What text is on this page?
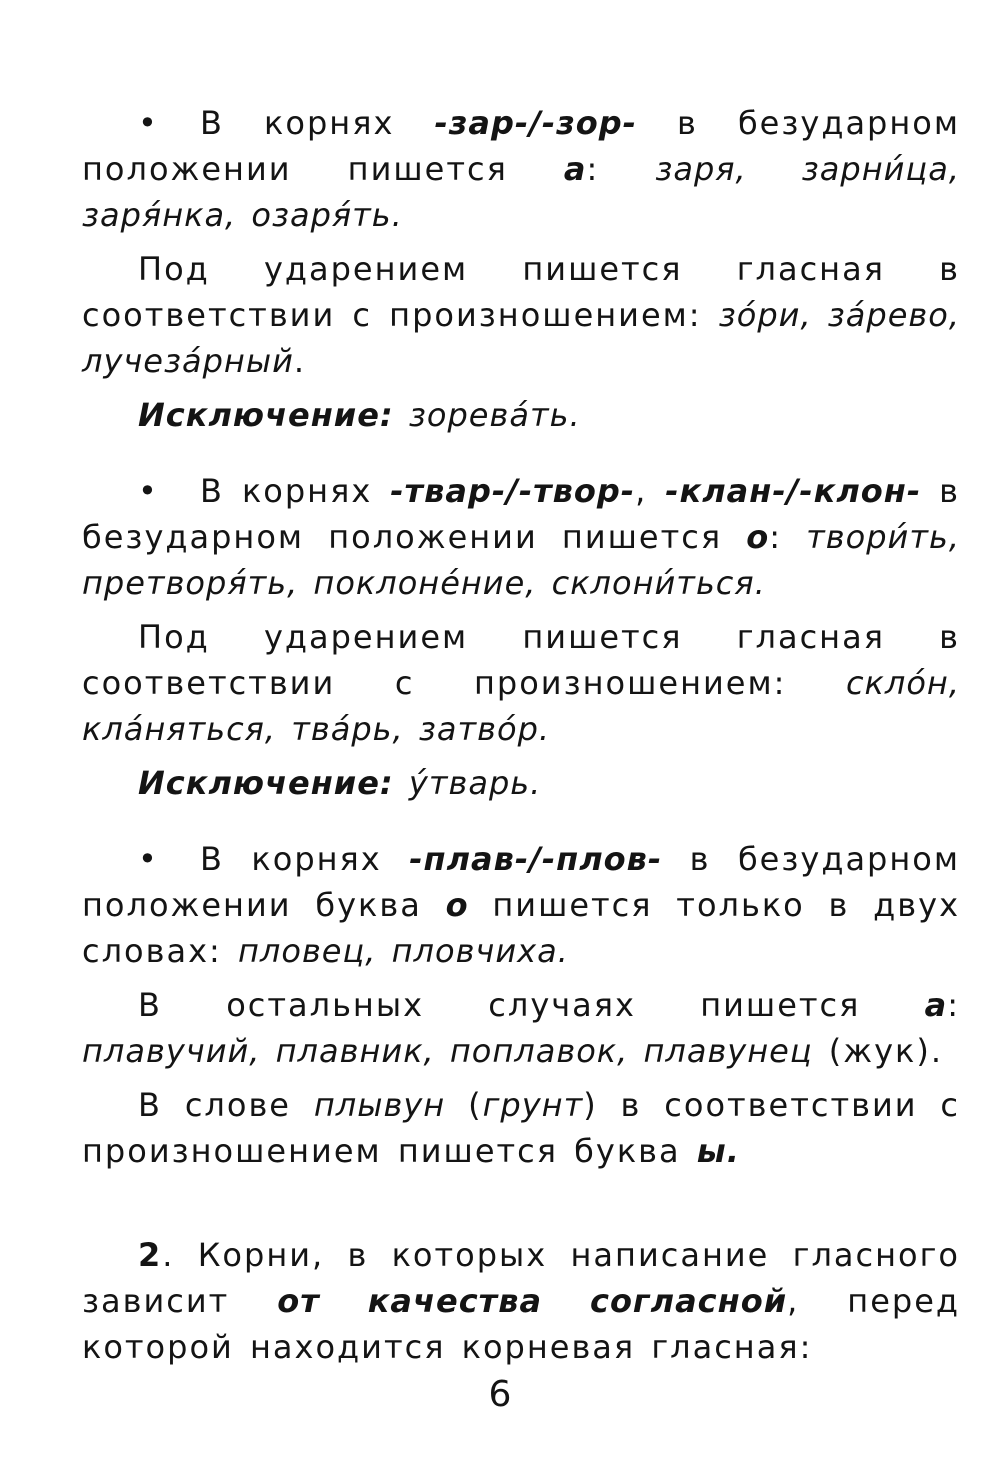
• В корнях -зар-/-зор- в безударном положении пишется а: заря, зарни́ца, заря́нка, озаря́ть.

Под ударением пишется гласная в соответствии с произношением: зо́ри, за́рево, лучеза́рный.

Исключение: зорева́ть.

• В корнях -твар-/-твор-, -клан-/-клон- в безударном положении пишется о: твори́ть, претворя́ть, поклоне́ние, склони́ться.

Под ударением пишется гласная в соответствии с произношением: скло́н, кла́няться, тва́рь, затво́р.

Исключение: у́тварь.

• В корнях -плав-/-плов- в безударном положении буква о пишется только в двух словах: пловец, пловчиха.

В остальных случаях пишется а: плавучий, плавник, поплавок, плавунец (жук).

В слове плывун (грунт) в соответствии с произношением пишется буква ы.

2. Корни, в которых написание гласного зависит от качества согласной, перед которой находится корневая гласная:

6
